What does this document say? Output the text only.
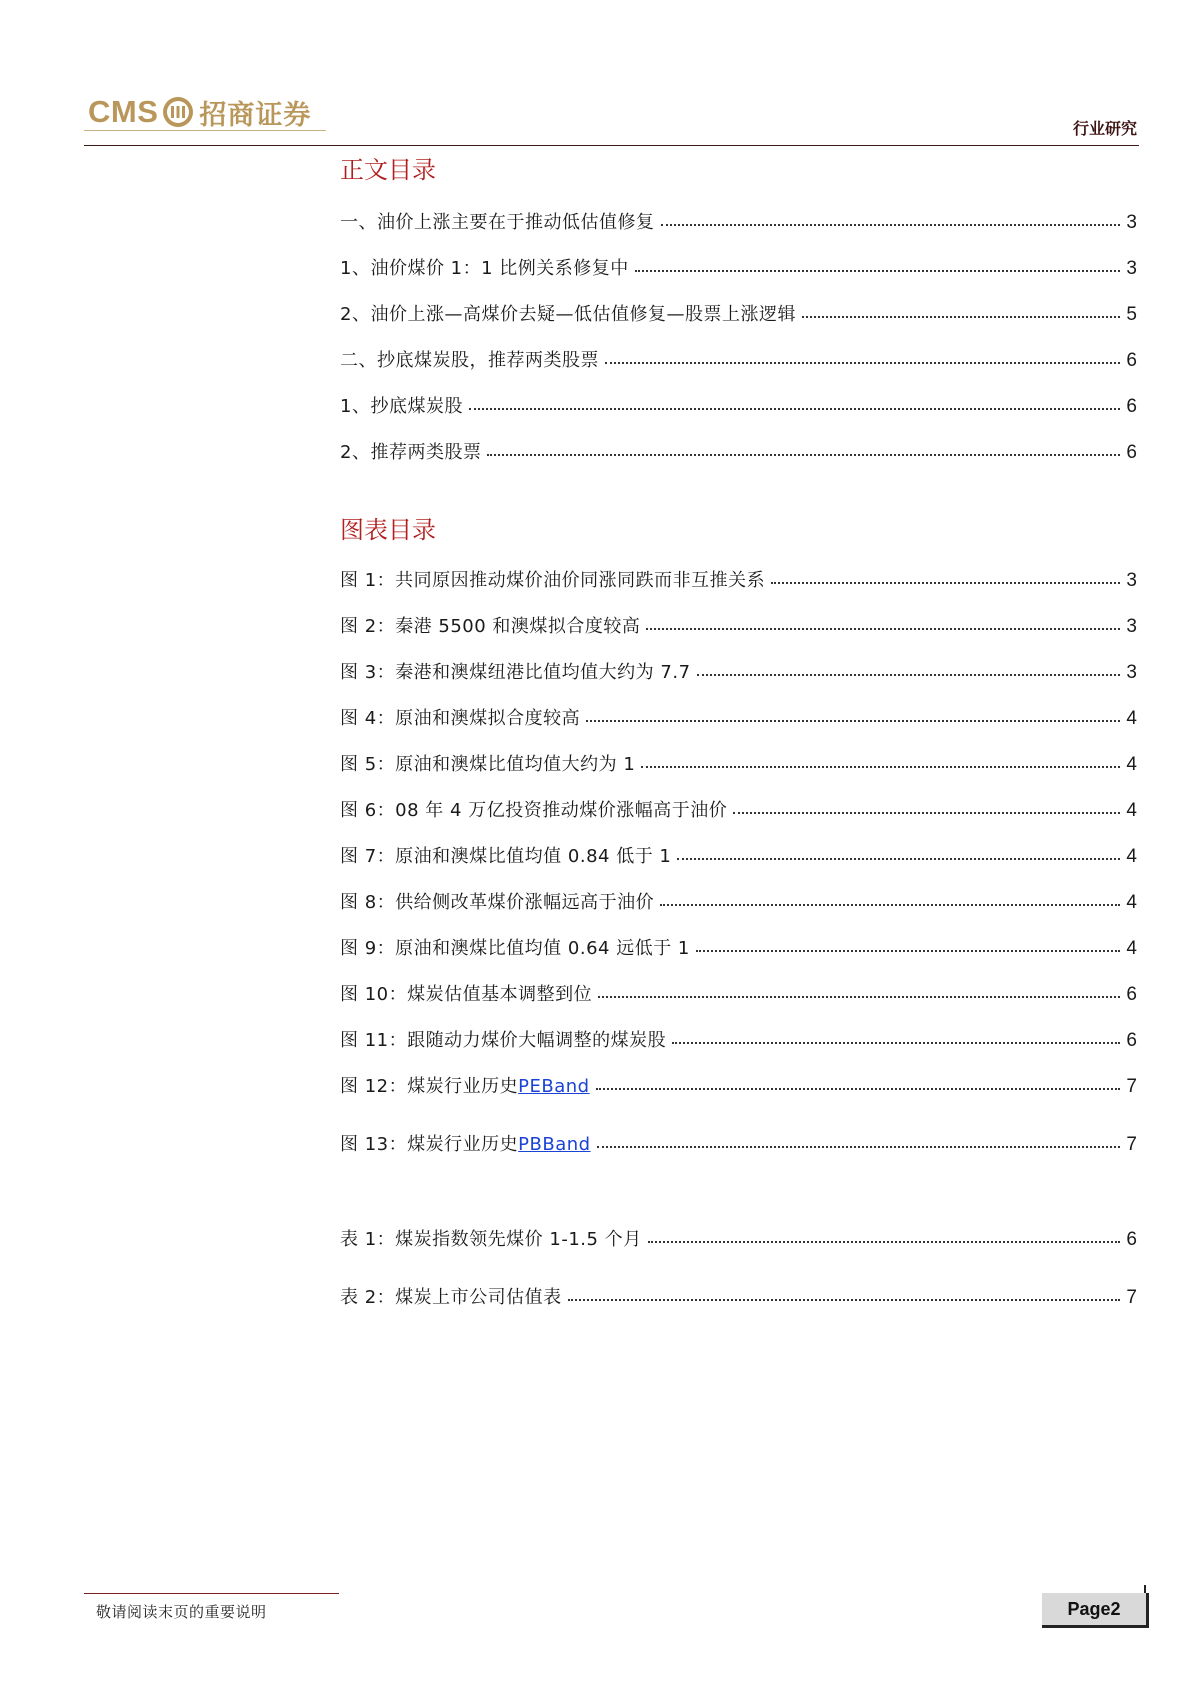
CMS 招商证券	行业研究
正文目录
一、油价上涨主要在于推动低估值修复	3
1、油价煤价 1：1 比例关系修复中	3
2、油价上涨—高煤价去疑—低估值修复—股票上涨逻辑	5
二、抄底煤炭股，推荐两类股票	6
1、抄底煤炭股	6
2、推荐两类股票	6
图表目录
图 1：共同原因推动煤价油价同涨同跌而非互推关系	3
图 2：秦港 5500 和澳煤拟合度较高	3
图 3：秦港和澳煤纽港比值均值大约为 7.7	3
图 4：原油和澳煤拟合度较高	4
图 5：原油和澳煤比值均值大约为 1	4
图 6：08 年 4 万亿投资推动煤价涨幅高于油价	4
图 7：原油和澳煤比值均值 0.84 低于 1	4
图 8：供给侧改革煤价涨幅远高于油价	4
图 9：原油和澳煤比值均值 0.64 远低于 1	4
图 10：煤炭估值基本调整到位	6
图 11：跟随动力煤价大幅调整的煤炭股	6
图 12：煤炭行业历史PEBand	7
图 13：煤炭行业历史PBBand	7
表 1：煤炭指数领先煤价 1-1.5 个月	6
表 2：煤炭上市公司估值表	7
敬请阅读末页的重要说明	Page2
